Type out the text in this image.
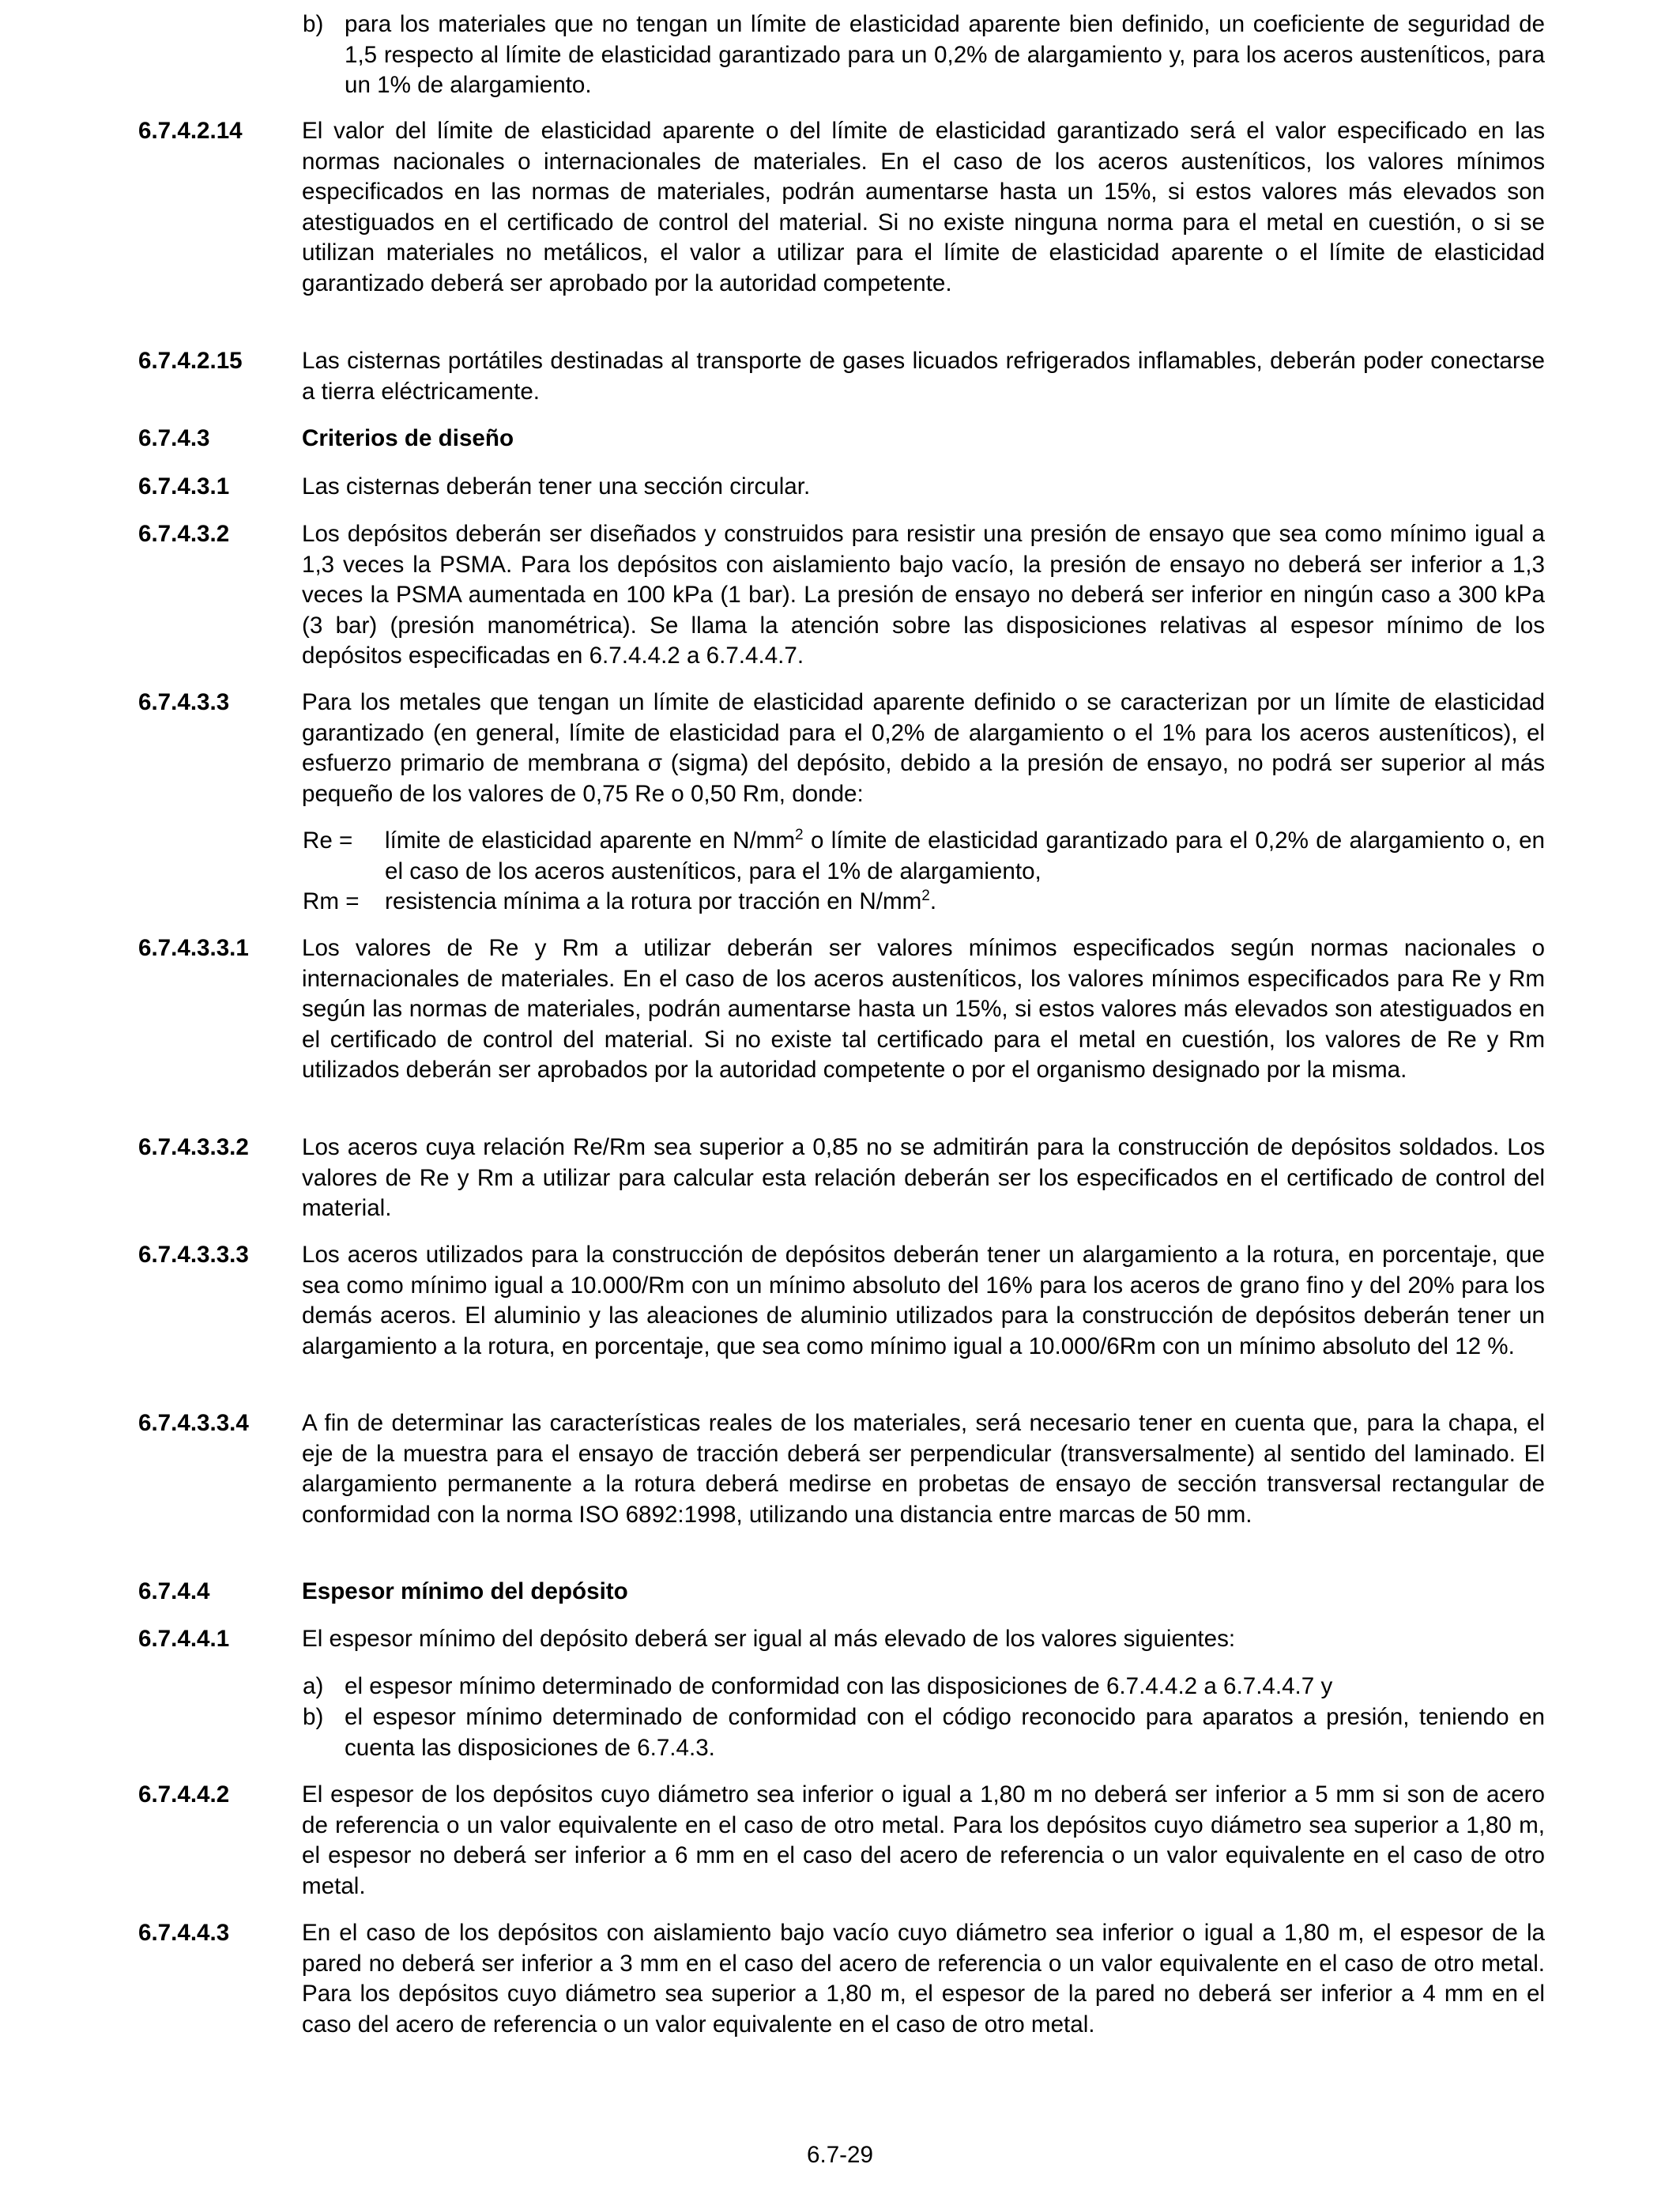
b) para los materiales que no tengan un límite de elasticidad aparente bien definido, un coeficiente de seguridad de 1,5 respecto al límite de elasticidad garantizado para un 0,2% de alargamiento y, para los aceros austeníticos, para un 1% de alargamiento.
6.7.4.2.14	El valor del límite de elasticidad aparente o del límite de elasticidad garantizado será el valor especificado en las normas nacionales o internacionales de materiales. En el caso de los aceros austeníticos, los valores mínimos especificados en las normas de materiales, podrán aumentarse hasta un 15%, si estos valores más elevados son atestiguados en el certificado de control del material. Si no existe ninguna norma para el metal en cuestión, o si se utilizan materiales no metálicos, el valor a utilizar para el límite de elasticidad aparente o el límite de elasticidad garantizado deberá ser aprobado por la autoridad competente.
6.7.4.2.15	Las cisternas portátiles destinadas al transporte de gases licuados refrigerados inflamables, deberán poder conectarse a tierra eléctricamente.
6.7.4.3	Criterios de diseño
6.7.4.3.1	Las cisternas deberán tener una sección circular.
6.7.4.3.2	Los depósitos deberán ser diseñados y construidos para resistir una presión de ensayo que sea como mínimo igual a 1,3 veces la PSMA. Para los depósitos con aislamiento bajo vacío, la presión de ensayo no deberá ser inferior a 1,3 veces la PSMA aumentada en 100 kPa (1 bar). La presión de ensayo no deberá ser inferior en ningún caso a 300 kPa (3 bar) (presión manométrica). Se llama la atención sobre las disposiciones relativas al espesor mínimo de los depósitos especificadas en 6.7.4.4.2 a 6.7.4.4.7.
6.7.4.3.3	Para los metales que tengan un límite de elasticidad aparente definido o se caracterizan por un límite de elasticidad garantizado (en general, límite de elasticidad para el 0,2% de alargamiento o el 1% para los aceros austeníticos), el esfuerzo primario de membrana σ (sigma) del depósito, debido a la presión de ensayo, no podrá ser superior al más pequeño de los valores de 0,75 Re o 0,50 Rm, donde:
Re = límite de elasticidad aparente en $N/mm^2$ o límite de elasticidad garantizado para el 0,2% de alargamiento o, en el caso de los aceros austeníticos, para el 1% de alargamiento,
Rm = resistencia mínima a la rotura por tracción en $N/mm^2$.
6.7.4.3.3.1 Los valores de Re y Rm a utilizar deberán ser valores mínimos especificados según normas nacionales o internacionales de materiales. En el caso de los aceros austeníticos, los valores mínimos especificados para Re y Rm según las normas de materiales, podrán aumentarse hasta un 15%, si estos valores más elevados son atestiguados en el certificado de control del material. Si no existe tal certificado para el metal en cuestión, los valores de Re y Rm utilizados deberán ser aprobados por la autoridad competente o por el organismo designado por la misma.
6.7.4.3.3.2 Los aceros cuya relación Re/Rm sea superior a 0,85 no se admitirán para la construcción de depósitos soldados. Los valores de Re y Rm a utilizar para calcular esta relación deberán ser los especificados en el certificado de control del material.
6.7.4.3.3.3 Los aceros utilizados para la construcción de depósitos deberán tener un alargamiento a la rotura, en porcentaje, que sea como mínimo igual a 10.000/Rm con un mínimo absoluto del 16% para los aceros de grano fino y del 20% para los demás aceros. El aluminio y las aleaciones de aluminio utilizados para la construcción de depósitos deberán tener un alargamiento a la rotura, en porcentaje, que sea como mínimo igual a 10.000/6Rm con un mínimo absoluto del 12 %.
6.7.4.3.3.4 A fin de determinar las características reales de los materiales, será necesario tener en cuenta que, para la chapa, el eje de la muestra para el ensayo de tracción deberá ser perpendicular (transversalmente) al sentido del laminado. El alargamiento permanente a la rotura deberá medirse en probetas de ensayo de sección transversal rectangular de conformidad con la norma ISO 6892:1998, utilizando una distancia entre marcas de 50 mm.
6.7.4.4	Espesor mínimo del depósito
6.7.4.4.1	El espesor mínimo del depósito deberá ser igual al más elevado de los valores siguientes:
a) el espesor mínimo determinado de conformidad con las disposiciones de 6.7.4.4.2 a 6.7.4.4.7 y
b) el espesor mínimo determinado de conformidad con el código reconocido para aparatos a presión, teniendo en cuenta las disposiciones de 6.7.4.3.
6.7.4.4.2	El espesor de los depósitos cuyo diámetro sea inferior o igual a 1,80 m no deberá ser inferior a 5 mm si son de acero de referencia o un valor equivalente en el caso de otro metal. Para los depósitos cuyo diámetro sea superior a 1,80 m, el espesor no deberá ser inferior a 6 mm en el caso del acero de referencia o un valor equivalente en el caso de otro metal.
6.7.4.4.3	En el caso de los depósitos con aislamiento bajo vacío cuyo diámetro sea inferior o igual a 1,80 m, el espesor de la pared no deberá ser inferior a 3 mm en el caso del acero de referencia o un valor equivalente en el caso de otro metal. Para los depósitos cuyo diámetro sea superior a 1,80 m, el espesor de la pared no deberá ser inferior a 4 mm en el caso del acero de referencia o un valor equivalente en el caso de otro metal.
6.7-29
